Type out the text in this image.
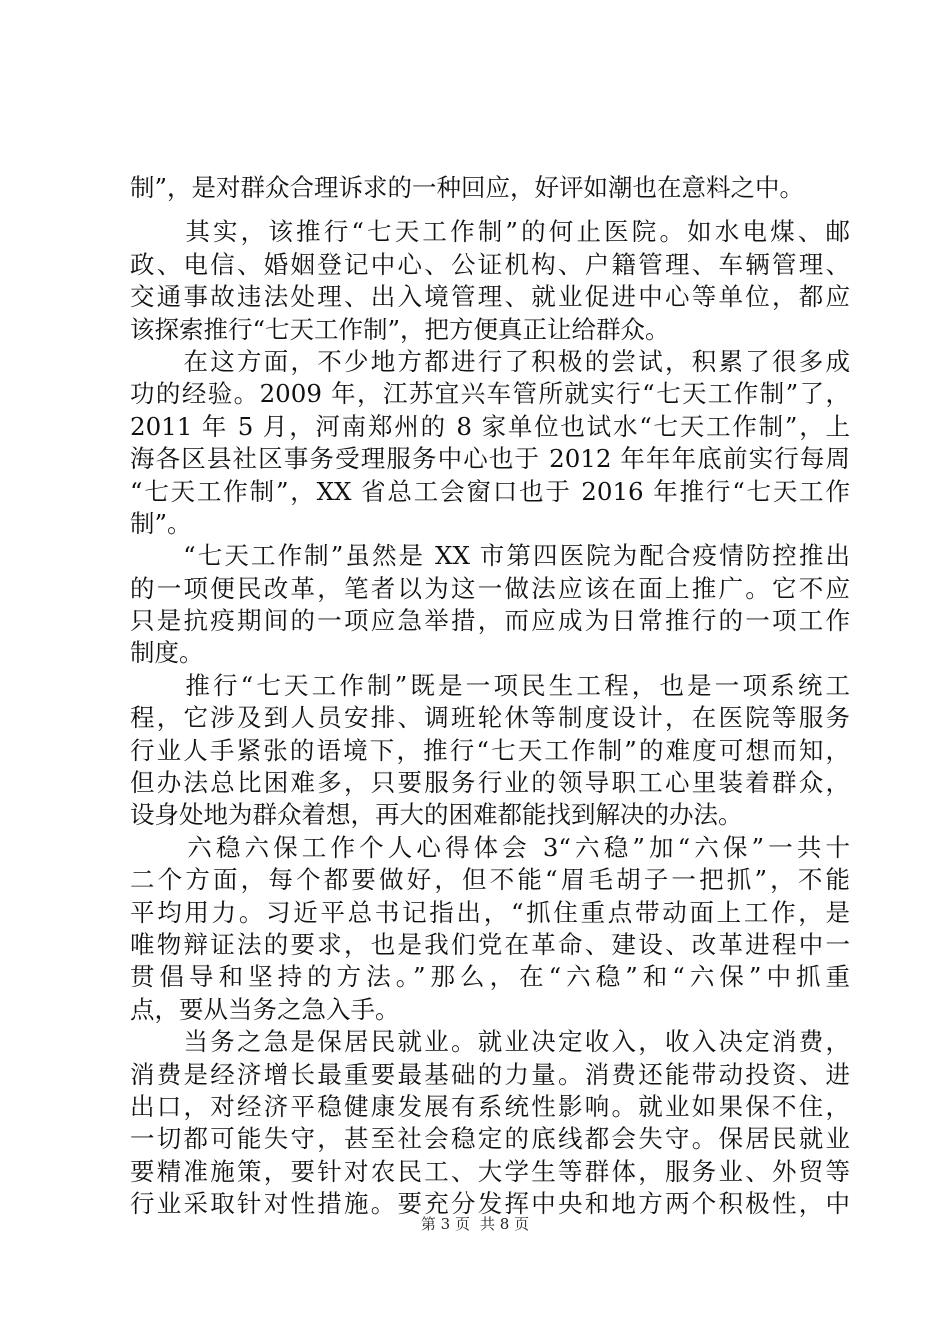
制”，是对群众合理诉求的一种回应，好评如潮也在意料之中。
　　其实，该推行“七天工作制”的何止医院。如水电煤、邮
政、电信、婚姻登记中心、公证机构、户籍管理、车辆管理、
交通事故违法处理、出入境管理、就业促进中心等单位，都应
该探索推行“七天工作制”，把方便真正让给群众。
　　在这方面，不少地方都进行了积极的尝试，积累了很多成
功的经验。2009 年，江苏宜兴车管所就实行“七天工作制”了，
2011 年 5 月，河南郑州的 8 家单位也试水“七天工作制”，上
海各区县社区事务受理服务中心也于 2012 年年年底前实行每周
“七天工作制”，XX 省总工会窗口也于 2016 年推行“七天工作
制”。
　　“七天工作制”虽然是 XX 市第四医院为配合疫情防控推出
的一项便民改革，笔者以为这一做法应该在面上推广。它不应
只是抗疫期间的一项应急举措，而应成为日常推行的一项工作
制度。
　　推行“七天工作制”既是一项民生工程，也是一项系统工
程，它涉及到人员安排、调班轮休等制度设计，在医院等服务
行业人手紧张的语境下，推行“七天工作制”的难度可想而知，
但办法总比困难多，只要服务行业的领导职工心里装着群众，
设身处地为群众着想，再大的困难都能找到解决的办法。
　　六稳六保工作个人心得体会 3“六稳”加“六保”一共十
二个方面，每个都要做好，但不能“眉毛胡子一把抓”，不能
平均用力。习近平总书记指出，“抓住重点带动面上工作，是
唯物辩证法的要求，也是我们党在革命、建设、改革进程中一
贯倡导和坚持的方法。”那么，在“六稳”和“六保”中抓重
点，要从当务之急入手。
　　当务之急是保居民就业。就业决定收入，收入决定消费，
消费是经济增长最重要最基础的力量。消费还能带动投资、进
出口，对经济平稳健康发展有系统性影响。就业如果保不住，
一切都可能失守，甚至社会稳定的底线都会失守。保居民就业
要精准施策，要针对农民工、大学生等群体，服务业、外贸等
行业采取针对性措施。要充分发挥中央和地方两个积极性，中
第 3 页 共 8 页
